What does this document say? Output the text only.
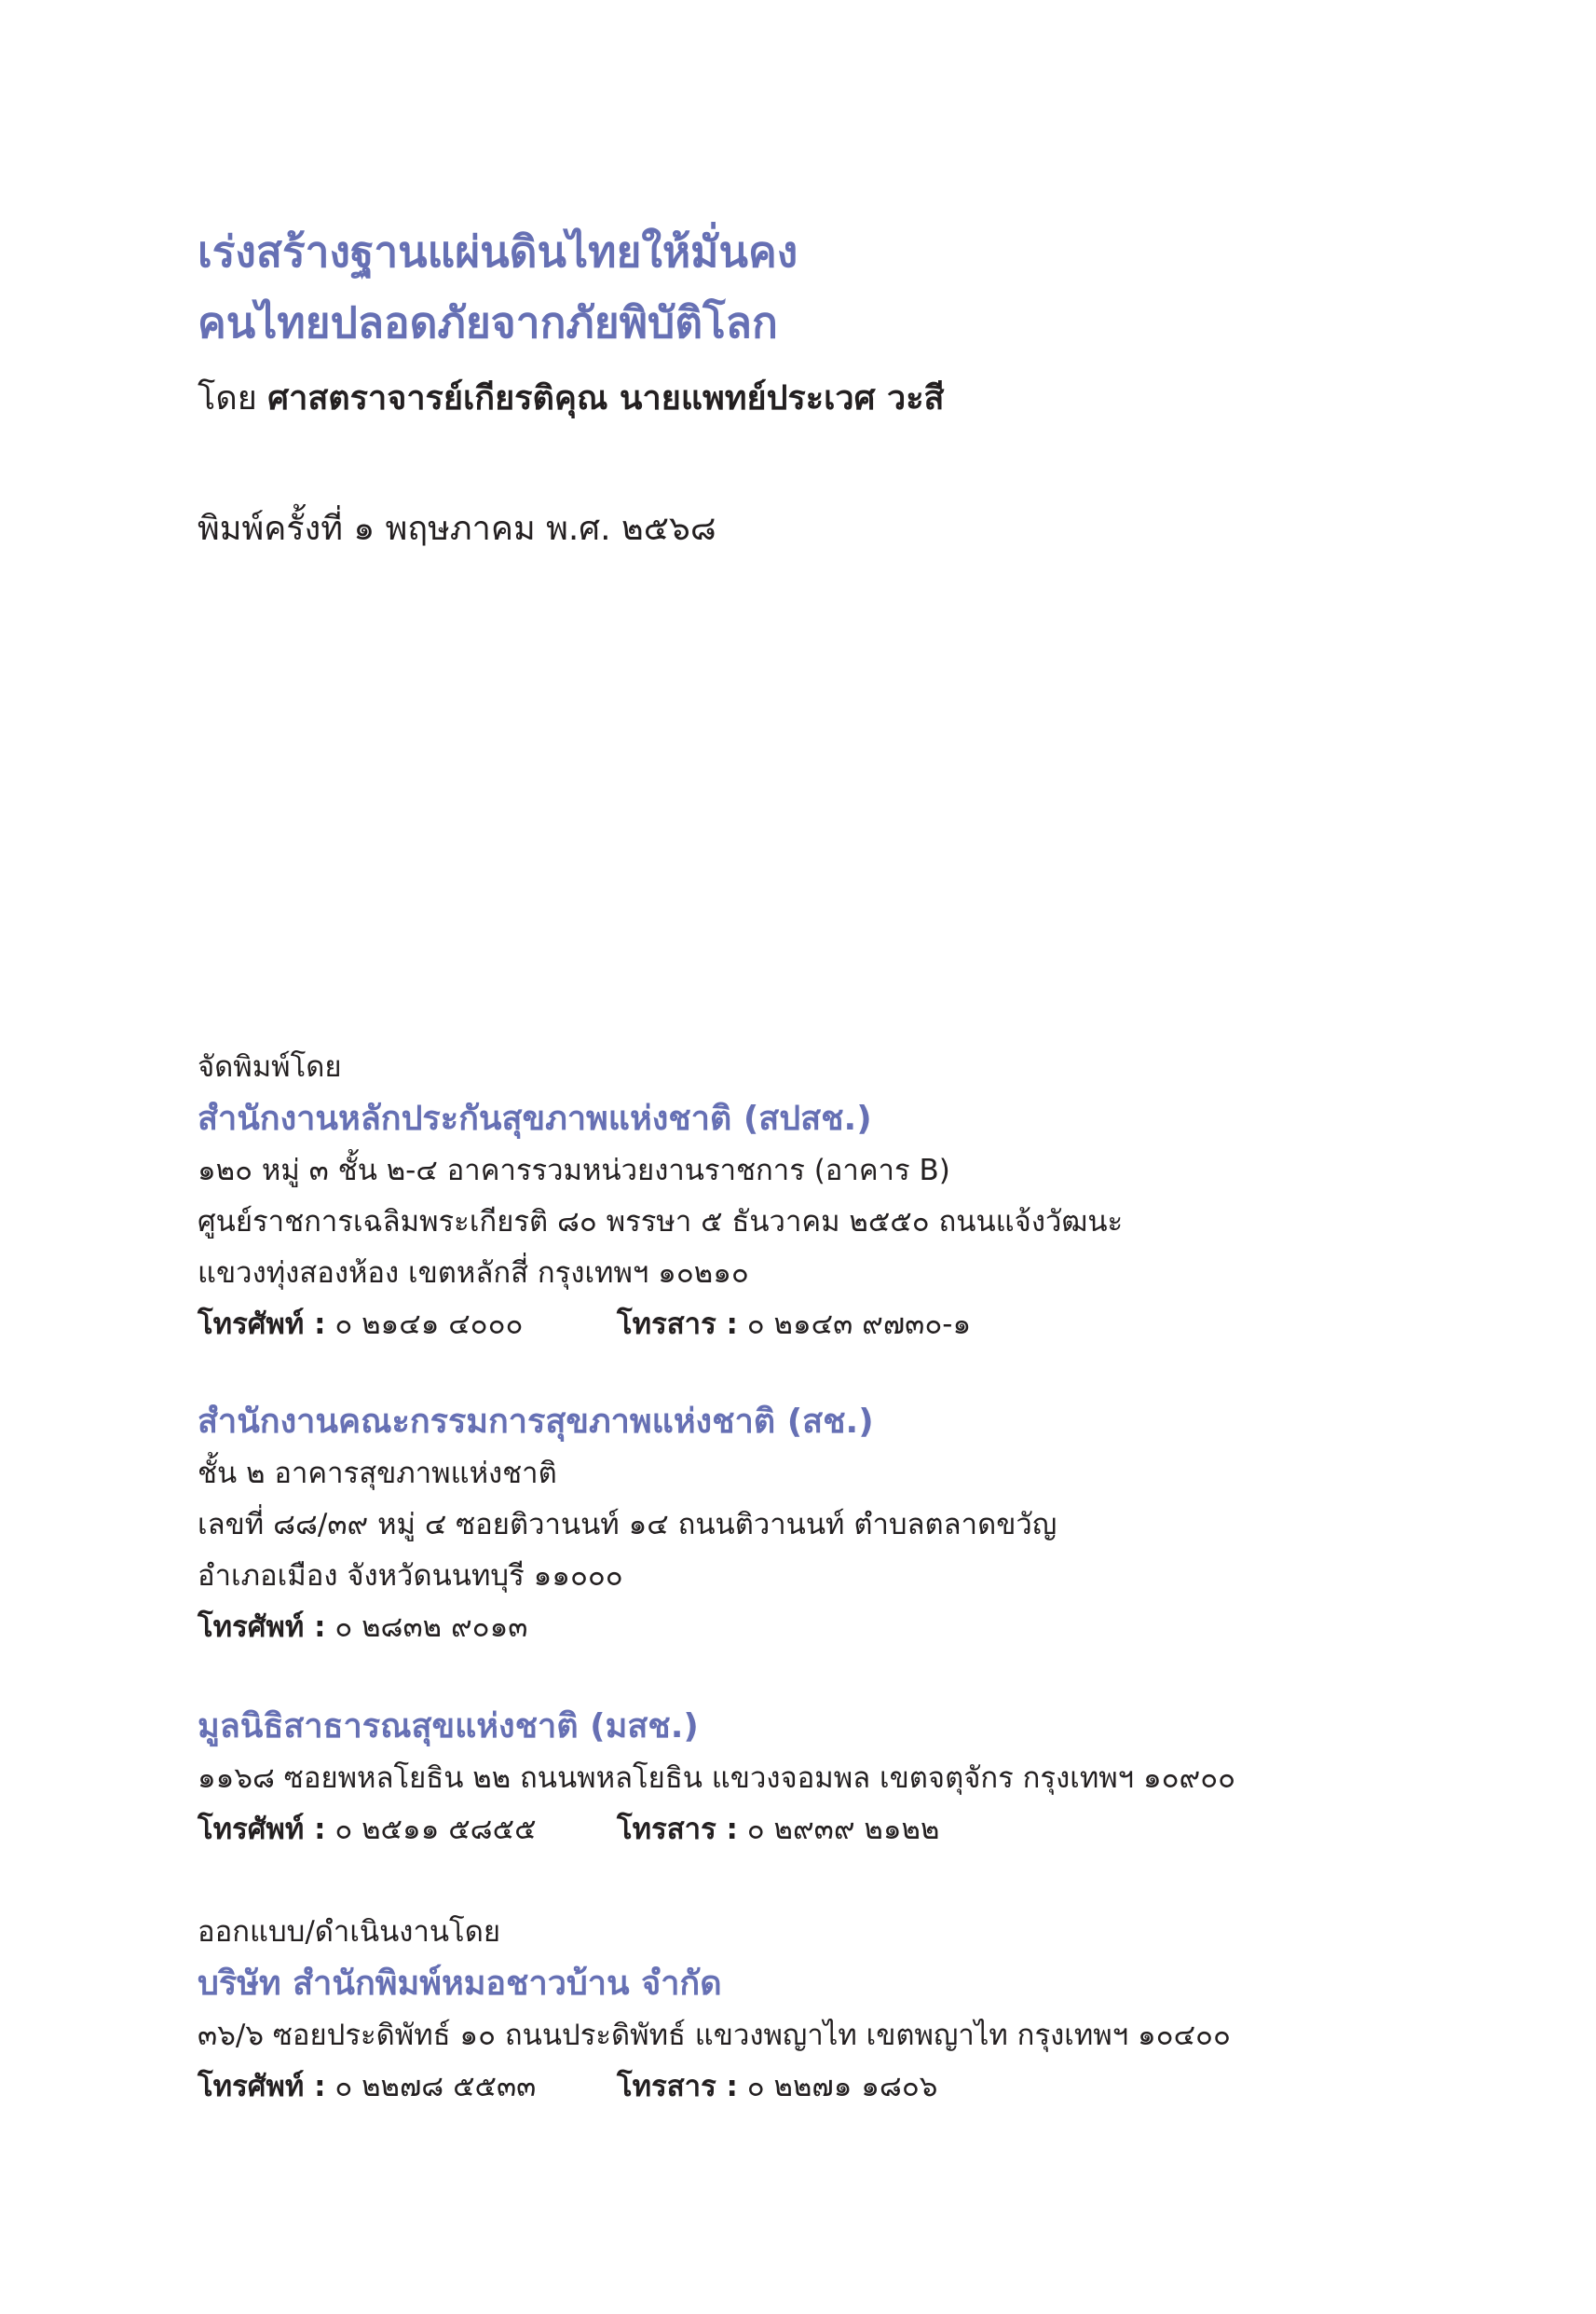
เร่งสร้างฐานแผ่นดินไทยให้มั่นคง
คนไทยปลอดภัยจากภัยพิบัติโลก
โดย ศาสตราจารย์เกียรติคุณ นายแพทย์ประเวศ วะสี
พิมพ์ครั้งที่ ๑ พฤษภาคม พ.ศ. ๒๕๖๘
จัดพิมพ์โดย
สำนักงานหลักประกันสุขภาพแห่งชาติ (สปสช.)
๑๒๐ หมู่ ๓ ชั้น ๒-๔ อาคารรวมหน่วยงานราชการ (อาคาร B)
ศูนย์ราชการเฉลิมพระเกียรติ ๘๐ พรรษา ๕ ธันวาคม ๒๕๕๐ ถนนแจ้งวัฒนะ
แขวงทุ่งสองห้อง เขตหลักสี่ กรุงเทพฯ ๑๐๒๑๐
โทรศัพท์ : ๐ ๒๑๔๑ ๔๐๐๐	โทรสาร : ๐ ๒๑๔๓ ๙๗๓๐-๑
สำนักงานคณะกรรมการสุขภาพแห่งชาติ (สช.)
ชั้น ๒ อาคารสุขภาพแห่งชาติ
เลขที่ ๘๘/๓๙ หมู่ ๔ ซอยติวานนท์ ๑๔ ถนนติวานนท์ ตำบลตลาดขวัญ
อำเภอเมือง จังหวัดนนทบุรี ๑๑๐๐๐
โทรศัพท์ : ๐ ๒๘๓๒ ๙๐๑๓
มูลนิธิสาธารณสุขแห่งชาติ (มสช.)
๑๑๖๘ ซอยพหลโยธิน ๒๒ ถนนพหลโยธิน แขวงจอมพล เขตจตุจักร กรุงเทพฯ ๑๐๙๐๐
โทรศัพท์ : ๐ ๒๕๑๑ ๕๘๕๕	โทรสาร : ๐ ๒๙๓๙ ๒๑๒๒
ออกแบบ/ดำเนินงานโดย
บริษัท สำนักพิมพ์หมอชาวบ้าน จำกัด
๓๖/๖ ซอยประดิพัทธ์ ๑๐ ถนนประดิพัทธ์ แขวงพญาไท เขตพญาไท กรุงเทพฯ ๑๐๔๐๐
โทรศัพท์ : ๐ ๒๒๗๘ ๕๕๓๓	โทรสาร : ๐ ๒๒๗๑ ๑๘๐๖
